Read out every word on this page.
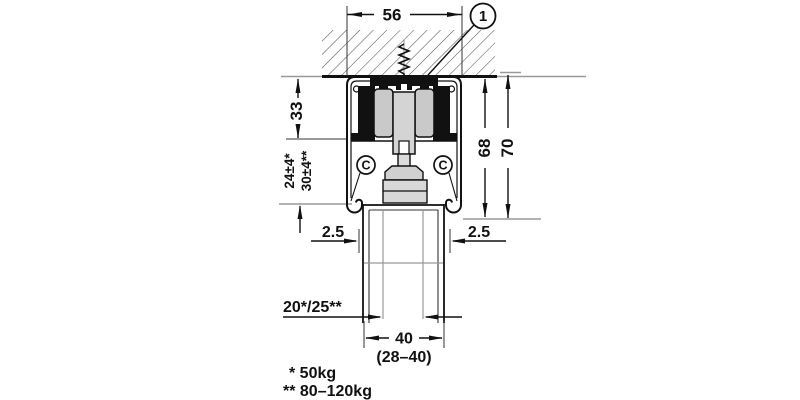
1
C	C
56
33
24±4* 30±4**
68 70
2.5	2.5
20*/25**
40
(28–40)
* 50kg
** 80–120kg
